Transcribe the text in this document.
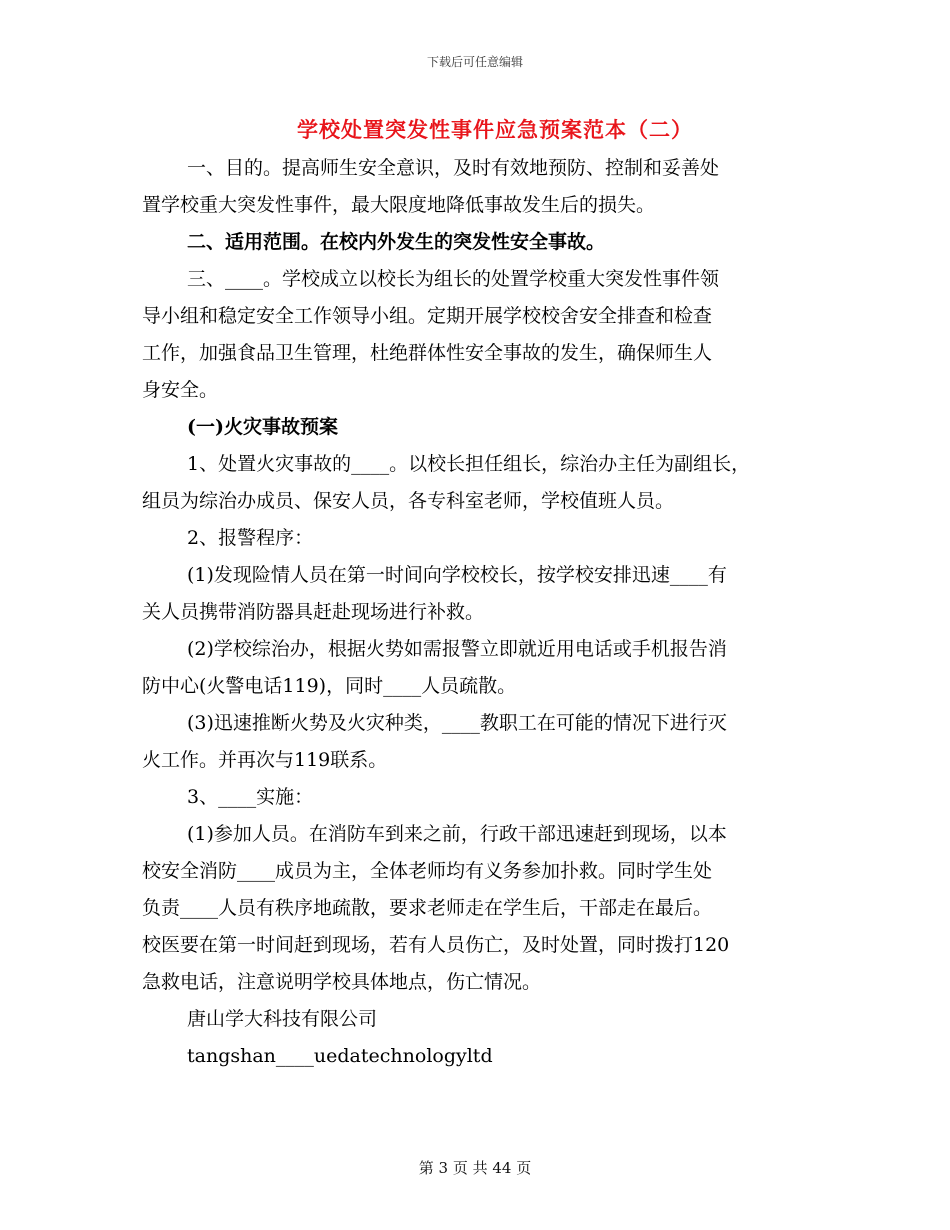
下载后可任意编辑
学校处置突发性事件应急预案范本（二）

一、目的。提高师生安全意识，及时有效地预防、控制和妥善处

置学校重大突发性事件，最大限度地降低事故发生后的损失。

二、适用范围。在校内外发生的突发性安全事故。

三、____。学校成立以校长为组长的处置学校重大突发性事件领

导小组和稳定安全工作领导小组。定期开展学校校舍安全排查和检查

工作，加强食品卫生管理，杜绝群体性安全事故的发生，确保师生人

身安全。

(一)火灾事故预案

1、处置火灾事故的____。以校长担任组长，综治办主任为副组长，

组员为综治办成员、保安人员，各专科室老师，学校值班人员。

2、报警程序：

(1)发现险情人员在第一时间向学校校长，按学校安排迅速____有

关人员携带消防器具赶赴现场进行补救。

(2)学校综治办，根据火势如需报警立即就近用电话或手机报告消

防中心(火警电话119)，同时____人员疏散。

(3)迅速推断火势及火灾种类，____教职工在可能的情况下进行灭

火工作。并再次与119联系。

3、____实施：

(1)参加人员。在消防车到来之前，行政干部迅速赶到现场，以本

校安全消防____成员为主，全体老师均有义务参加扑救。同时学生处

负责____人员有秩序地疏散，要求老师走在学生后，干部走在最后。

校医要在第一时间赶到现场，若有人员伤亡，及时处置，同时拨打120

急救电话，注意说明学校具体地点，伤亡情况。

唐山学大科技有限公司

tangshan____uedatechnologyltd

第 3 页 共 44 页
